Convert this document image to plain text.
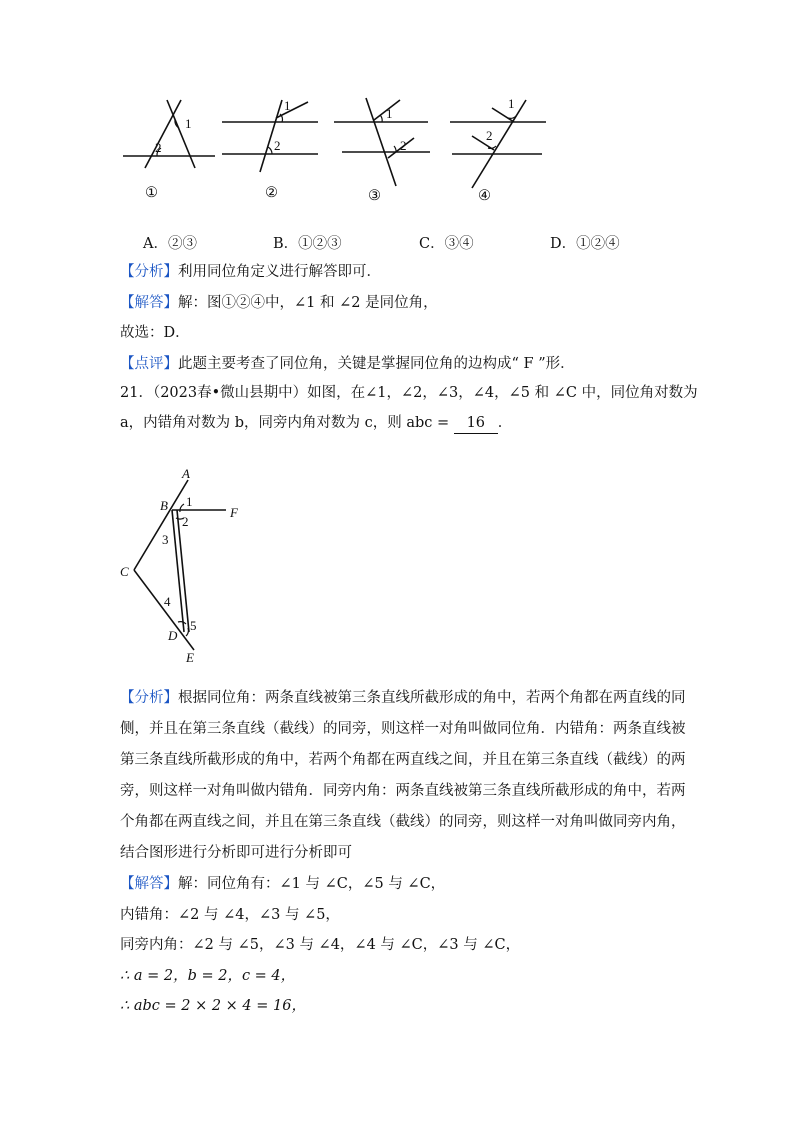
1
2
①
1
2
②
1
2
③
1
2
④
A．②③	B．①②③	C．③④	D．①②④
【分析】利用同位角定义进行解答即可．
【解答】解：图①②④中，∠1 和 ∠2 是同位角，
故选：D．
【点评】此题主要考查了同位角，关键是掌握同位角的边构成“ F ”形．
21．（2023春•微山县期中）如图，在∠1，∠2，∠3，∠4，∠5 和 ∠C 中，同位角对数为
a，内错角对数为 b，同旁内角对数为 c，则 abc = 16 ．
A
B	F
C
D
E
1
2
3
4
5
【分析】根据同位角：两条直线被第三条直线所截形成的角中，若两个角都在两直线的同
侧，并且在第三条直线（截线）的同旁，则这样一对角叫做同位角．内错角：两条直线被
第三条直线所截形成的角中，若两个角都在两直线之间，并且在第三条直线（截线）的两
旁，则这样一对角叫做内错角．同旁内角：两条直线被第三条直线所截形成的角中，若两
个角都在两直线之间，并且在第三条直线（截线）的同旁，则这样一对角叫做同旁内角，
结合图形进行分析即可进行分析即可
【解答】解：同位角有：∠1 与 ∠C，∠5 与 ∠C，
内错角：∠2 与 ∠4，∠3 与 ∠5，
同旁内角：∠2 与 ∠5，∠3 与 ∠4，∠4 与 ∠C，∠3 与 ∠C，
∴ a = 2，b = 2，c = 4，
∴ abc = 2 × 2 × 4 = 16，
